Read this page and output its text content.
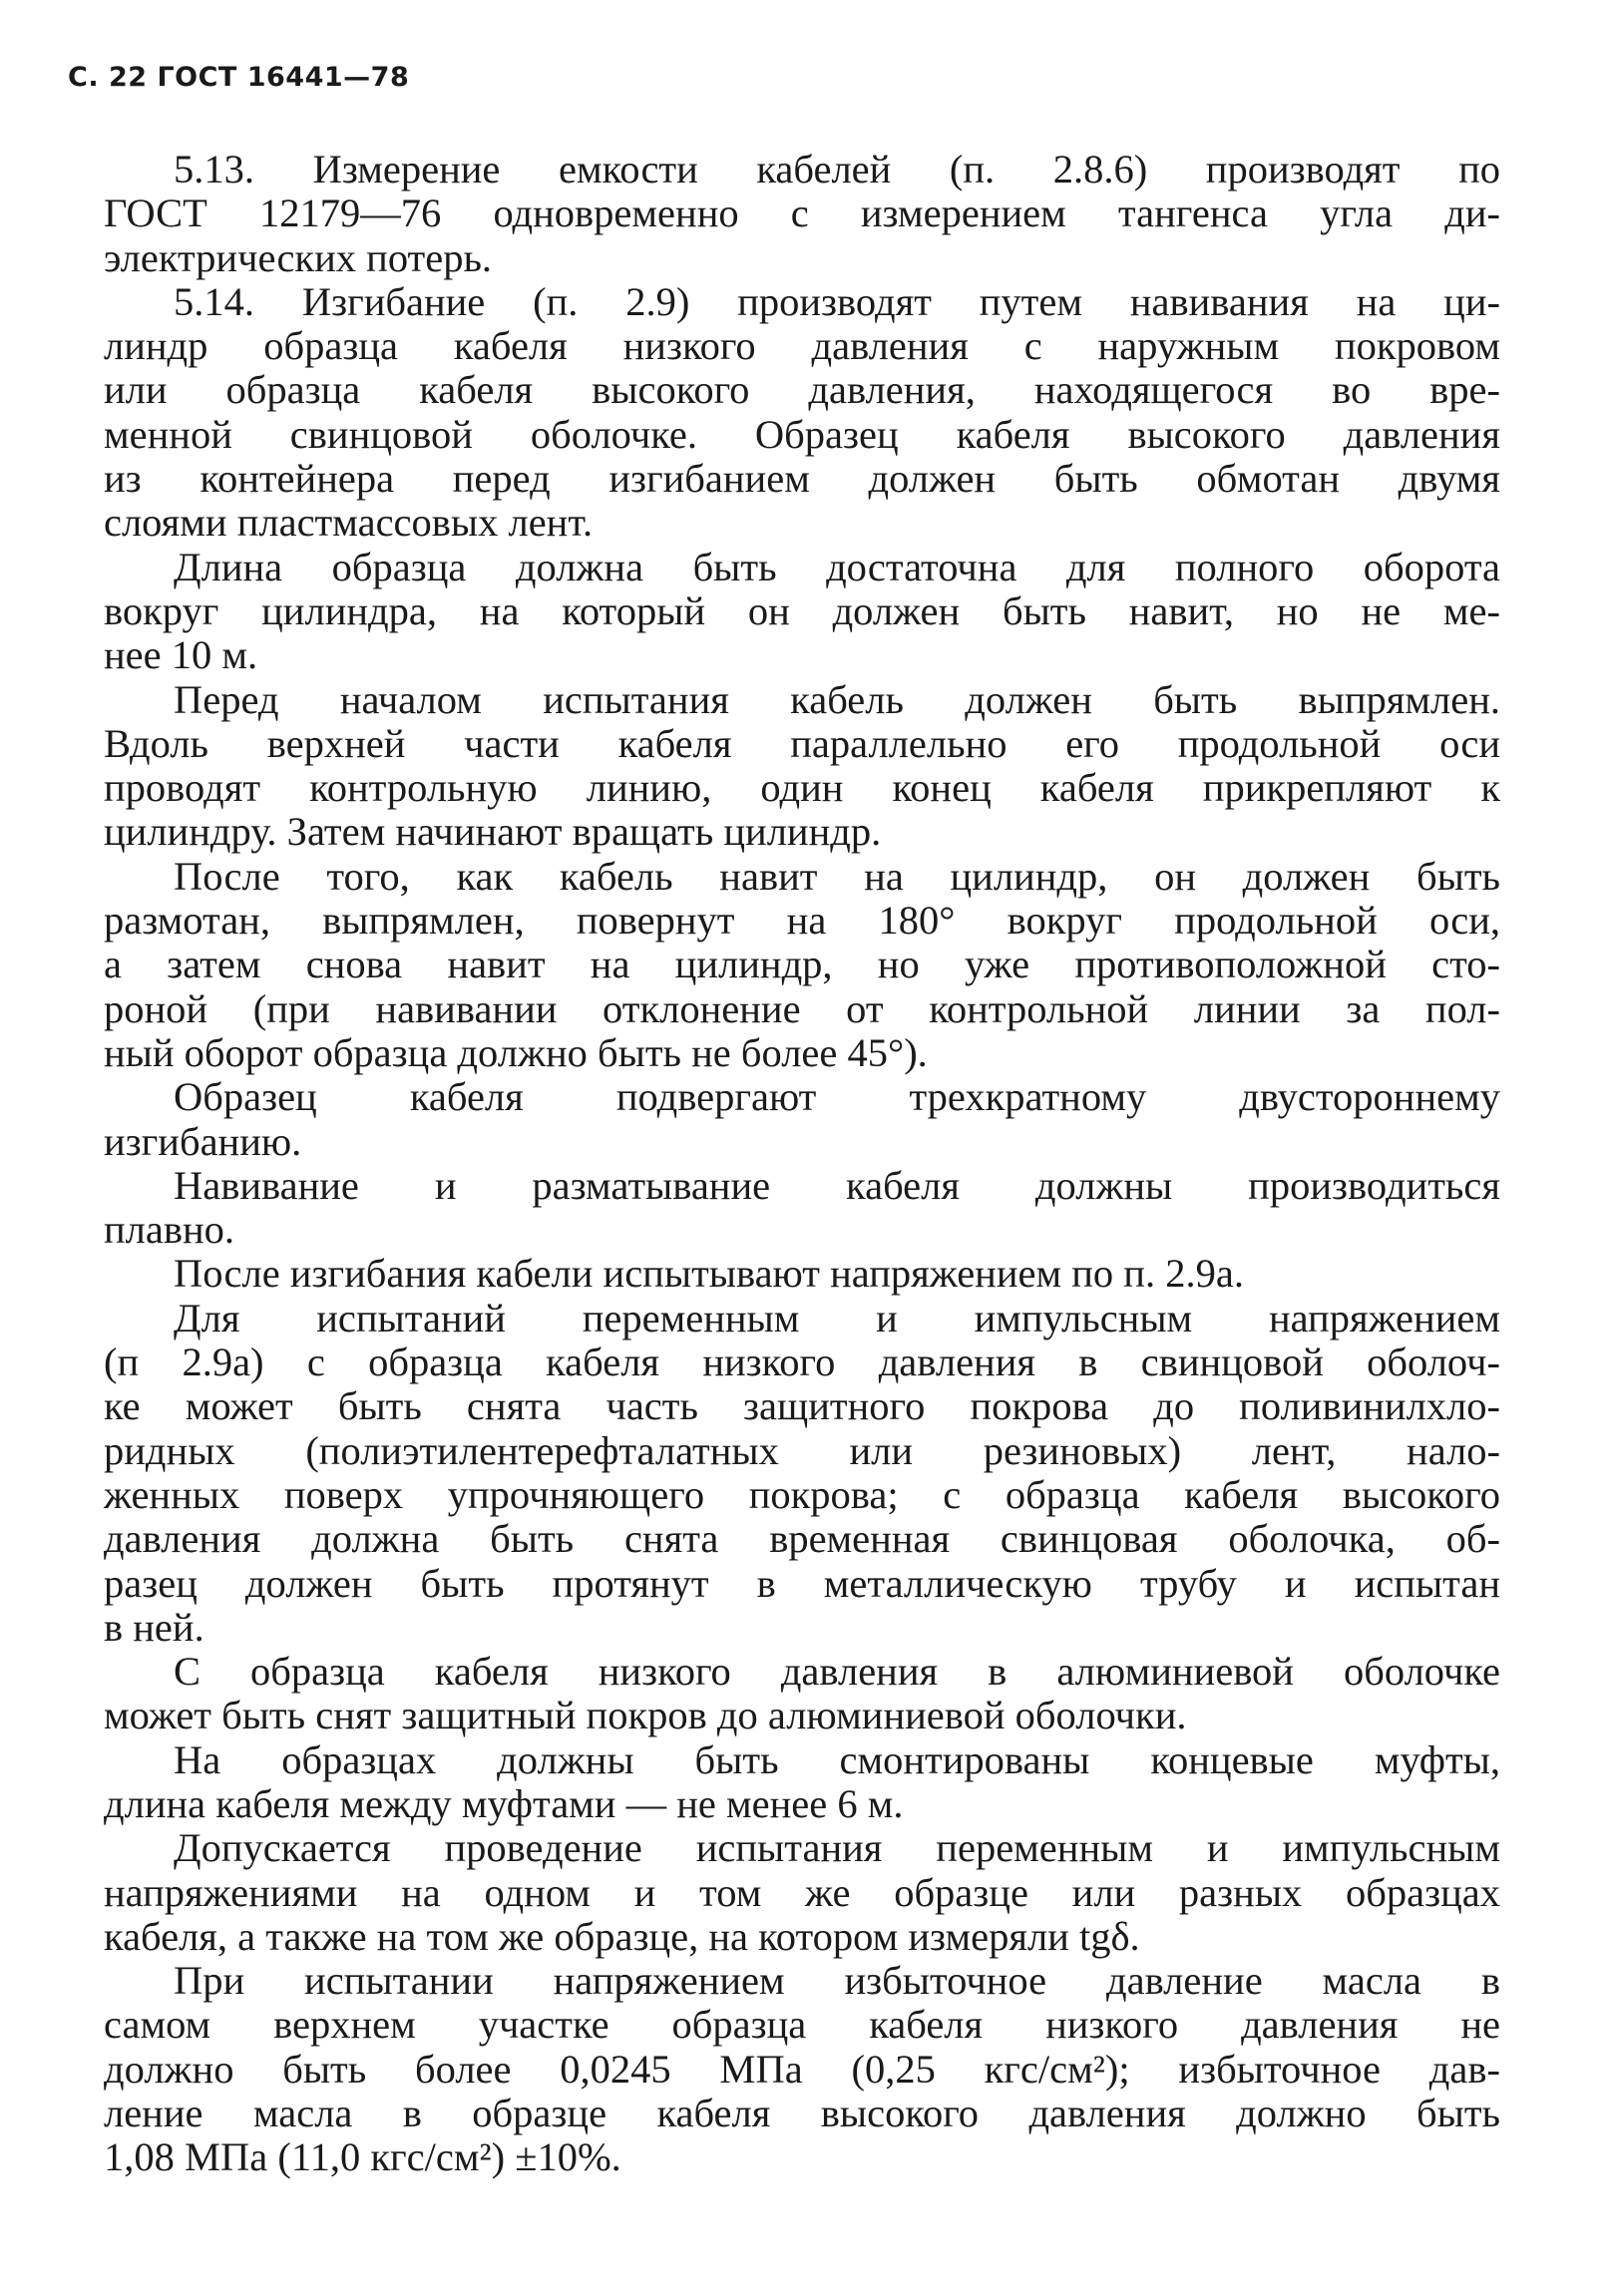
С. 22 ГОСТ 16441—78
5.13. Измерение емкости кабелей (п. 2.8.6) производят по
ГОСТ 12179—76 одновременно с измерением тангенса угла ди-
электрических потерь.
5.14. Изгибание (п. 2.9) производят путем навивания на ци-
линдр образца кабеля низкого давления с наружным покровом
или образца кабеля высокого давления, находящегося во вре-
менной свинцовой оболочке. Образец кабеля высокого давления
из контейнера перед изгибанием должен быть обмотан двумя
слоями пластмассовых лент.
Длина образца должна быть достаточна для полного оборота
вокруг цилиндра, на который он должен быть навит, но не ме-
нее 10 м.
Перед началом испытания кабель должен быть выпрямлен.
Вдоль верхней части кабеля параллельно его продольной оси
проводят контрольную линию, один конец кабеля прикрепляют к
цилиндру. Затем начинают вращать цилиндр.
После того, как кабель навит на цилиндр, он должен быть
размотан, выпрямлен, повернут на 180° вокруг продольной оси,
а затем снова навит на цилиндр, но уже противоположной сто-
роной (при навивании отклонение от контрольной линии за пол-
ный оборот образца должно быть не более 45°).
Образец кабеля подвергают трехкратному двустороннему
изгибанию.
Навивание и разматывание кабеля должны производиться
плавно.
После изгибания кабели испытывают напряжением по п. 2.9а.
Для испытаний переменным и импульсным напряжением
(п 2.9а) с образца кабеля низкого давления в свинцовой оболоч-
ке может быть снята часть защитного покрова до поливинилхло-
ридных (полиэтилентерефталатных или резиновых) лент, нало-
женных поверх упрочняющего покрова; с образца кабеля высокого
давления должна быть снята временная свинцовая оболочка, об-
разец должен быть протянут в металлическую трубу и испытан
в ней.
С образца кабеля низкого давления в алюминиевой оболочке
может быть снят защитный покров до алюминиевой оболочки.
На образцах должны быть смонтированы концевые муфты,
длина кабеля между муфтами — не менее 6 м.
Допускается проведение испытания переменным и импульсным
напряжениями на одном и том же образце или разных образцах
кабеля, а также на том же образце, на котором измеряли tgδ.
При испытании напряжением избыточное давление масла в
самом верхнем участке образца кабеля низкого давления не
должно быть более 0,0245 МПа (0,25 кгс/см²); избыточное дав-
ление масла в образце кабеля высокого давления должно быть
1,08 МПа (11,0 кгс/см²) ±10%.
